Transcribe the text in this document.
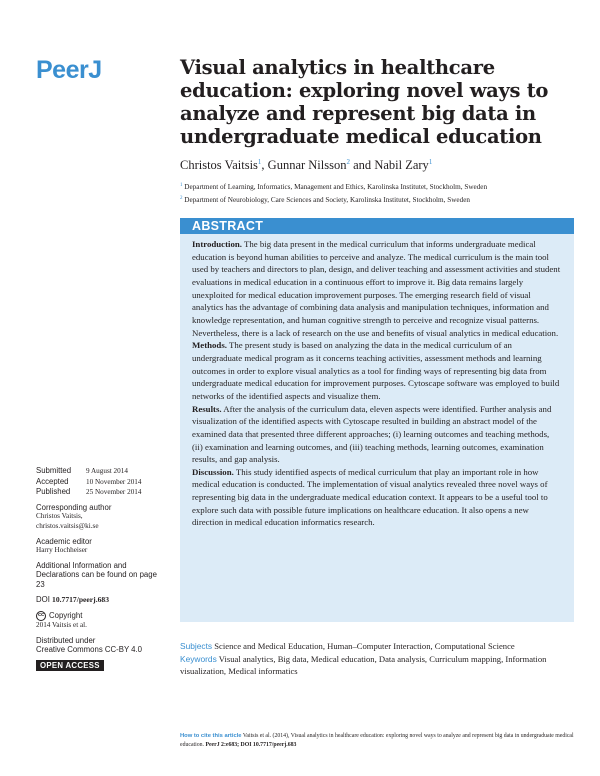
PeerJ	Visual analytics in healthcare education: exploring novel ways to analyze and represent big data in undergraduate medical education
Christos Vaitsis$^1$, Gunnar Nilsson$^2$ and Nabil Zary$^1$
$^1$ Department of Learning, Informatics, Management and Ethics, Karolinska Institutet, Stockholm, Sweden
$^2$ Department of Neurobiology, Care Sciences and Society, Karolinska Institutet, Stockholm, Sweden
ABSTRACT

Introduction. The big data present in the medical curriculum that informs undergraduate medical education is beyond human abilities to perceive and analyze. The medical curriculum is the main tool used by teachers and directors to plan, design, and deliver teaching and assessment activities and student evaluations in medical education in a continuous effort to improve it. Big data remains largely unexploited for medical education improvement purposes. The emerging research field of visual analytics has the advantage of combining data analysis and manipulation techniques, information and knowledge representation, and human cognitive strength to perceive and recognize visual patterns. Nevertheless, there is a lack of research on the use and benefits of visual analytics in medical education.

Methods. The present study is based on analyzing the data in the medical curriculum of an undergraduate medical program as it concerns teaching activities, assessment methods and learning outcomes in order to explore visual analytics as a tool for finding ways of representing big data from undergraduate medical education for improvement purposes. Cytoscape software was employed to build networks of the identified aspects and visualize them.

Results. After the analysis of the curriculum data, eleven aspects were identified. Further analysis and visualization of the identified aspects with Cytoscape resulted in building an abstract model of the examined data that presented three different approaches; (i) learning outcomes and teaching methods, (ii) examination and learning outcomes, and (iii) teaching methods, learning outcomes, examination results, and gap analysis.

Discussion. This study identified aspects of medical curriculum that play an important role in how medical education is conducted. The implementation of visual analytics revealed three novel ways of representing big data in the undergraduate medical education context. It appears to be a useful tool to explore such data with possible future implications on healthcare education. It also opens a new direction in medical education informatics research.

Subjects Science and Medical Education, Human–Computer Interaction, Computational Science
Keywords Visual analytics, Big data, Medical education, Data analysis, Curriculum mapping, Information visualization, Medical informatics
Submitted 9 August 2014
Accepted 10 November 2014
Published 25 November 2014
Corresponding author
Christos Vaitsis,
christos.vaitsis@ki.se
Academic editor
Harry Hochheiser
Additional Information and Declarations can be found on page 23
DOI 10.7717/peerj.683
cc Copyright
2014 Vaitsis et al.
Distributed under
Creative Commons CC-BY 4.0
OPEN ACCESS
How to cite this article Vaitsis et al. (2014), Visual analytics in healthcare education: exploring novel ways to analyze and represent big data in undergraduate medical education. PeerJ 2:e683; DOI 10.7717/peerj.683
